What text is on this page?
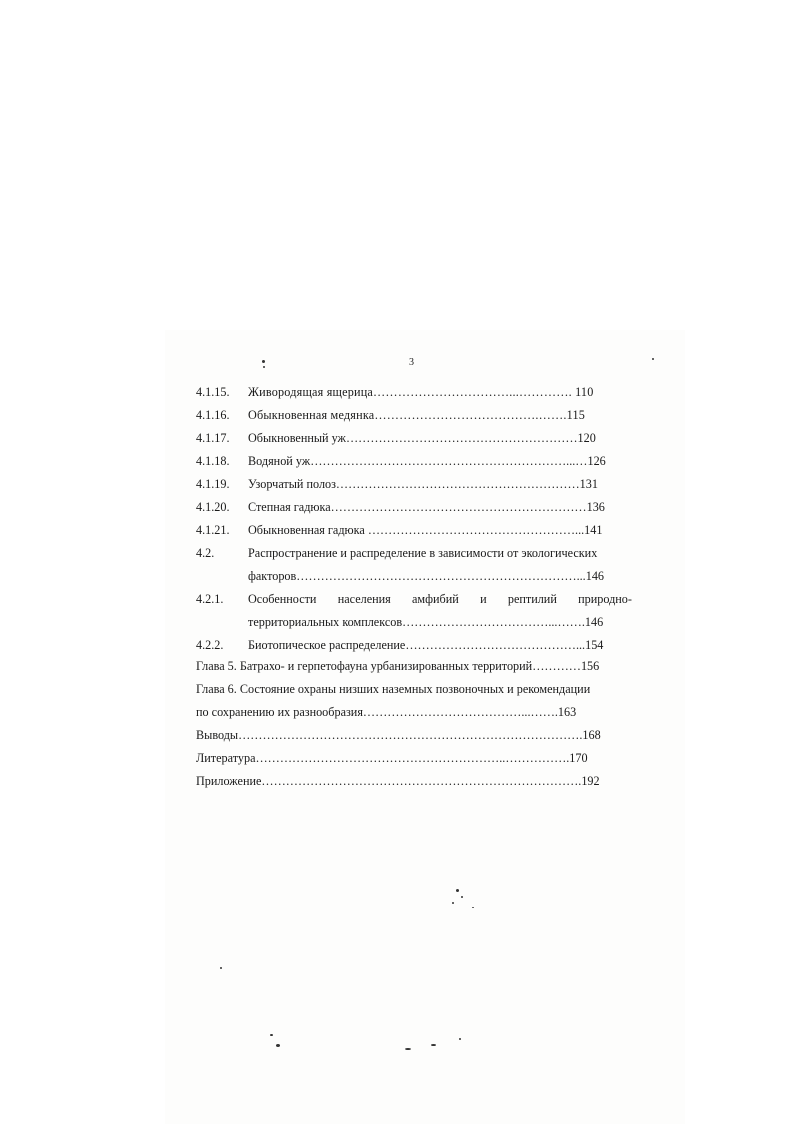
3
4.1.15. Живородящая ящерица……………………………...…………. 110
4.1.16. Обыкновенная медянка………………………………….…….115
4.1.17. Обыкновенный уж…………………………………………………120
4.1.18. Водяной уж………………………………………………………...…126
4.1.19. Узорчатый полоз……………………………………………………131
4.1.20. Степная гадюка………………………………………………………136
4.1.21. Обыкновенная гадюка ……………………………………………...141
4.2.	Распространение и распределение в зависимости от экологических
факторов……………………………………………………………...146
4.2.1. Особенности населения амфибий и рептилий природно-
территориальных комплексов………………………………...…….146
4.2.2. Биотопическое распределение……………………………………...154
Глава 5. Батрахо- и герпетофауна урбанизированных территорий…………156
Глава 6. Состояние охраны низших наземных позвоночных и рекомендации
по сохранению их разнообразия…………………………………...…….163
Выводы………………………………………………………………………….168
Литература……………………………………………………..…………….170
Приложение…………………………………………………………………….192
